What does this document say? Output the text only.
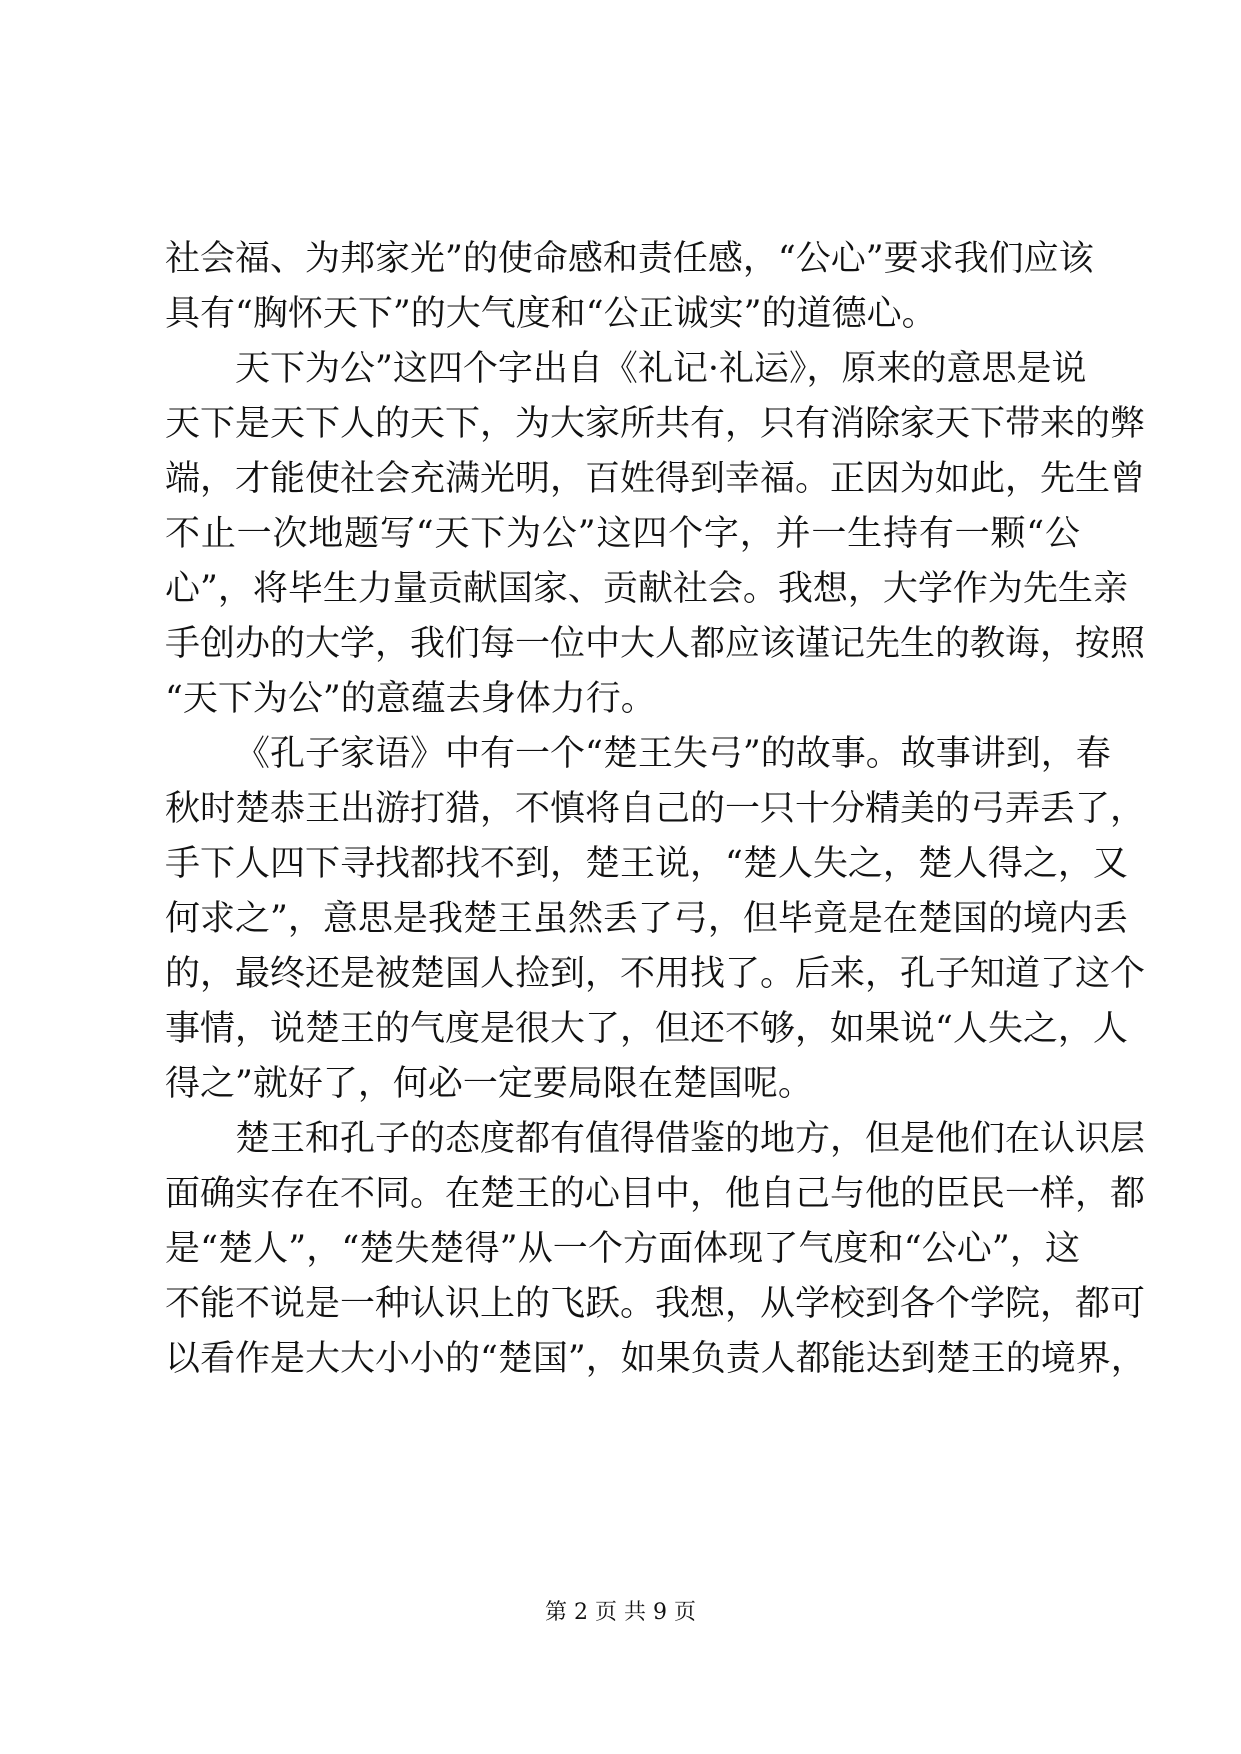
社会福、为邦家光”的使命感和责任感，“公心”要求我们应该
具有“胸怀天下”的大气度和“公正诚实”的道德心。
天下为公”这四个字出自《礼记·礼运》，原来的意思是说
天下是天下人的天下，为大家所共有，只有消除家天下带来的弊
端，才能使社会充满光明，百姓得到幸福。正因为如此，先生曾
不止一次地题写“天下为公”这四个字，并一生持有一颗“公
心”，将毕生力量贡献国家、贡献社会。我想，大学作为先生亲
手创办的大学，我们每一位中大人都应该谨记先生的教诲，按照
“天下为公”的意蕴去身体力行。
《孔子家语》中有一个“楚王失弓”的故事。故事讲到，春
秋时楚恭王出游打猎，不慎将自己的一只十分精美的弓弄丢了，
手下人四下寻找都找不到，楚王说，“楚人失之，楚人得之，又
何求之”，意思是我楚王虽然丢了弓，但毕竟是在楚国的境内丢
的，最终还是被楚国人捡到，不用找了。后来，孔子知道了这个
事情，说楚王的气度是很大了，但还不够，如果说“人失之，人
得之”就好了，何必一定要局限在楚国呢。
楚王和孔子的态度都有值得借鉴的地方，但是他们在认识层
面确实存在不同。在楚王的心目中，他自己与他的臣民一样，都
是“楚人”，“楚失楚得”从一个方面体现了气度和“公心”，这
不能不说是一种认识上的飞跃。我想，从学校到各个学院，都可
以看作是大大小小的“楚国”，如果负责人都能达到楚王的境界，
第 2 页 共 9 页
